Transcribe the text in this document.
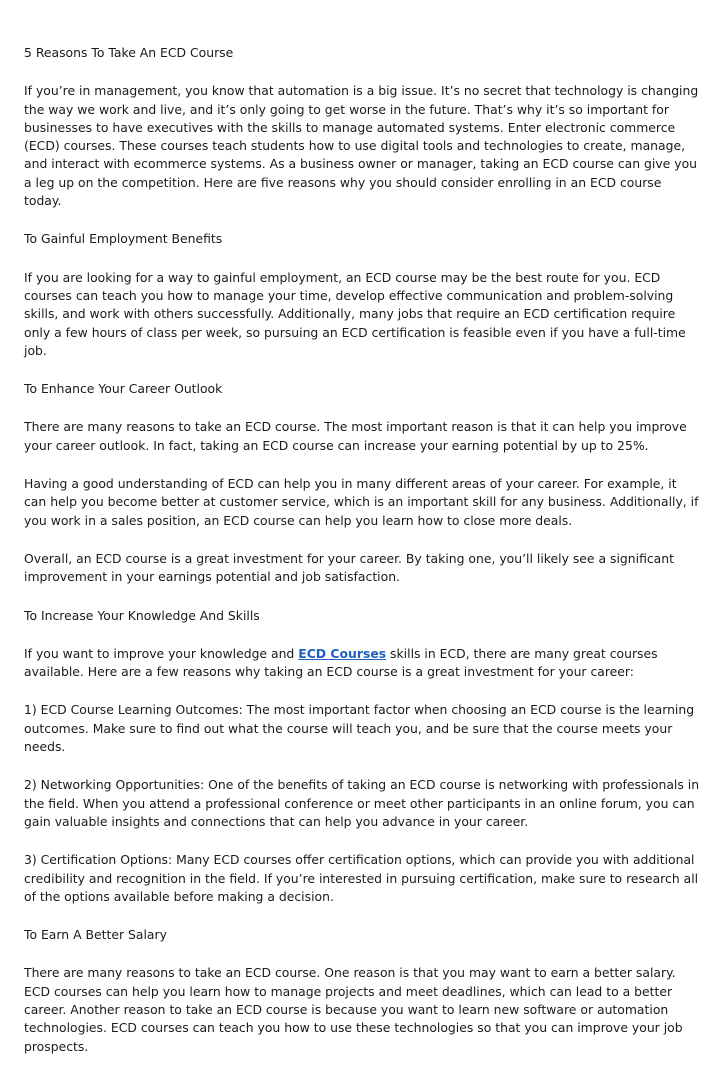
5 Reasons To Take An ECD Course

If you’re in management, you know that automation is a big issue. It’s no secret that technology is changing the way we work and live, and it’s only going to get worse in the future. That’s why it’s so important for businesses to have executives with the skills to manage automated systems. Enter electronic commerce (ECD) courses. These courses teach students how to use digital tools and technologies to create, manage, and interact with ecommerce systems. As a business owner or manager, taking an ECD course can give you a leg up on the competition. Here are five reasons why you should consider enrolling in an ECD course today.

To Gainful Employment Benefits

If you are looking for a way to gainful employment, an ECD course may be the best route for you. ECD courses can teach you how to manage your time, develop effective communication and problem-solving skills, and work with others successfully. Additionally, many jobs that require an ECD certification require only a few hours of class per week, so pursuing an ECD certification is feasible even if you have a full-time job.

To Enhance Your Career Outlook

There are many reasons to take an ECD course. The most important reason is that it can help you improve your career outlook. In fact, taking an ECD course can increase your earning potential by up to 25%.

Having a good understanding of ECD can help you in many different areas of your career. For example, it can help you become better at customer service, which is an important skill for any business. Additionally, if you work in a sales position, an ECD course can help you learn how to close more deals.

Overall, an ECD course is a great investment for your career. By taking one, you’ll likely see a significant improvement in your earnings potential and job satisfaction.

To Increase Your Knowledge And Skills

If you want to improve your knowledge and ECD Courses skills in ECD, there are many great courses available. Here are a few reasons why taking an ECD course is a great investment for your career:

1) ECD Course Learning Outcomes: The most important factor when choosing an ECD course is the learning outcomes. Make sure to find out what the course will teach you, and be sure that the course meets your needs.

2) Networking Opportunities: One of the benefits of taking an ECD course is networking with professionals in the field. When you attend a professional conference or meet other participants in an online forum, you can gain valuable insights and connections that can help you advance in your career.

3) Certification Options: Many ECD courses offer certification options, which can provide you with additional credibility and recognition in the field. If you’re interested in pursuing certification, make sure to research all of the options available before making a decision.

To Earn A Better Salary

There are many reasons to take an ECD course. One reason is that you may want to earn a better salary. ECD courses can help you learn how to manage projects and meet deadlines, which can lead to a better career. Another reason to take an ECD course is because you want to learn new software or automation technologies. ECD courses can teach you how to use these technologies so that you can improve your job prospects.
